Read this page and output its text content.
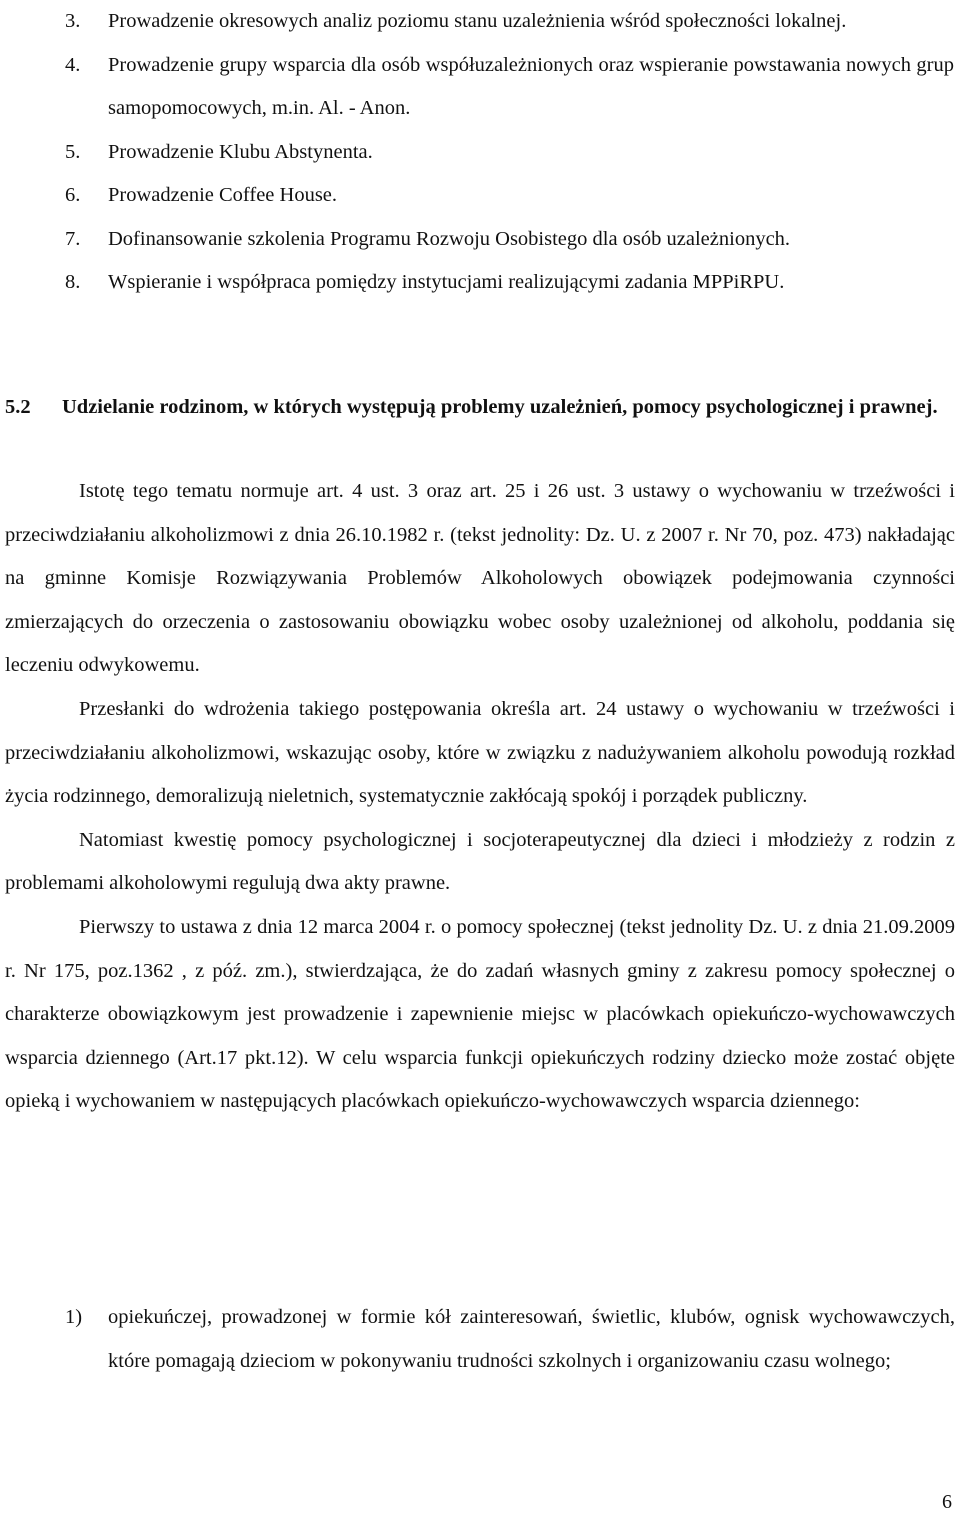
3. Prowadzenie okresowych analiz poziomu stanu uzależnienia wśród społeczności lokalnej.
4. Prowadzenie grupy wsparcia dla osób współuzależnionych oraz wspieranie powstawania nowych grup samopomocowych, m.in. Al. - Anon.
5. Prowadzenie Klubu Abstynenta.
6. Prowadzenie Coffee House.
7. Dofinansowanie szkolenia Programu Rozwoju Osobistego dla osób uzależnionych.
8. Wspieranie i współpraca pomiędzy instytucjami realizującymi zadania MPPiRPU.
5.2	Udzielanie rodzinom, w których występują problemy uzależnień, pomocy psychologicznej i prawnej.

Istotę tego tematu normuje art. 4 ust. 3 oraz art. 25 i 26 ust. 3 ustawy o wychowaniu w trzeźwości i przeciwdziałaniu alkoholizmowi z dnia 26.10.1982 r. (tekst jednolity: Dz. U. z 2007 r. Nr 70, poz. 473) nakładając na gminne Komisje Rozwiązywania Problemów Alkoholowych obowiązek podejmowania czynności zmierzających do orzeczenia o zastosowaniu obowiązku wobec osoby uzależnionej od alkoholu, poddania się leczeniu odwykowemu.

Przesłanki do wdrożenia takiego postępowania określa art. 24 ustawy o wychowaniu w trzeźwości i przeciwdziałaniu alkoholizmowi, wskazując osoby, które w związku z nadużywaniem alkoholu powodują rozkład życia rodzinnego, demoralizują nieletnich, systematycznie zakłócają spokój i porządek publiczny.

Natomiast kwestię pomocy psychologicznej i socjoterapeutycznej dla dzieci i młodzieży z rodzin z problemami alkoholowymi regulują dwa akty prawne.

Pierwszy to ustawa z dnia 12 marca 2004 r. o pomocy społecznej (tekst jednolity Dz. U. z dnia 21.09.2009 r. Nr 175, poz.1362 , z póź. zm.), stwierdzająca, że do zadań własnych gminy z zakresu pomocy społecznej o charakterze obowiązkowym jest prowadzenie i zapewnienie miejsc w placówkach opiekuńczo-wychowawczych wsparcia dziennego (Art.17 pkt.12). W celu wsparcia funkcji opiekuńczych rodziny dziecko może zostać objęte opieką i wychowaniem w następujących placówkach opiekuńczo-wychowawczych wsparcia dziennego:

1) opiekuńczej, prowadzonej w formie kół zainteresowań, świetlic, klubów, ognisk wychowawczych, które pomagają dzieciom w pokonywaniu trudności szkolnych i organizowaniu czasu wolnego;
6
